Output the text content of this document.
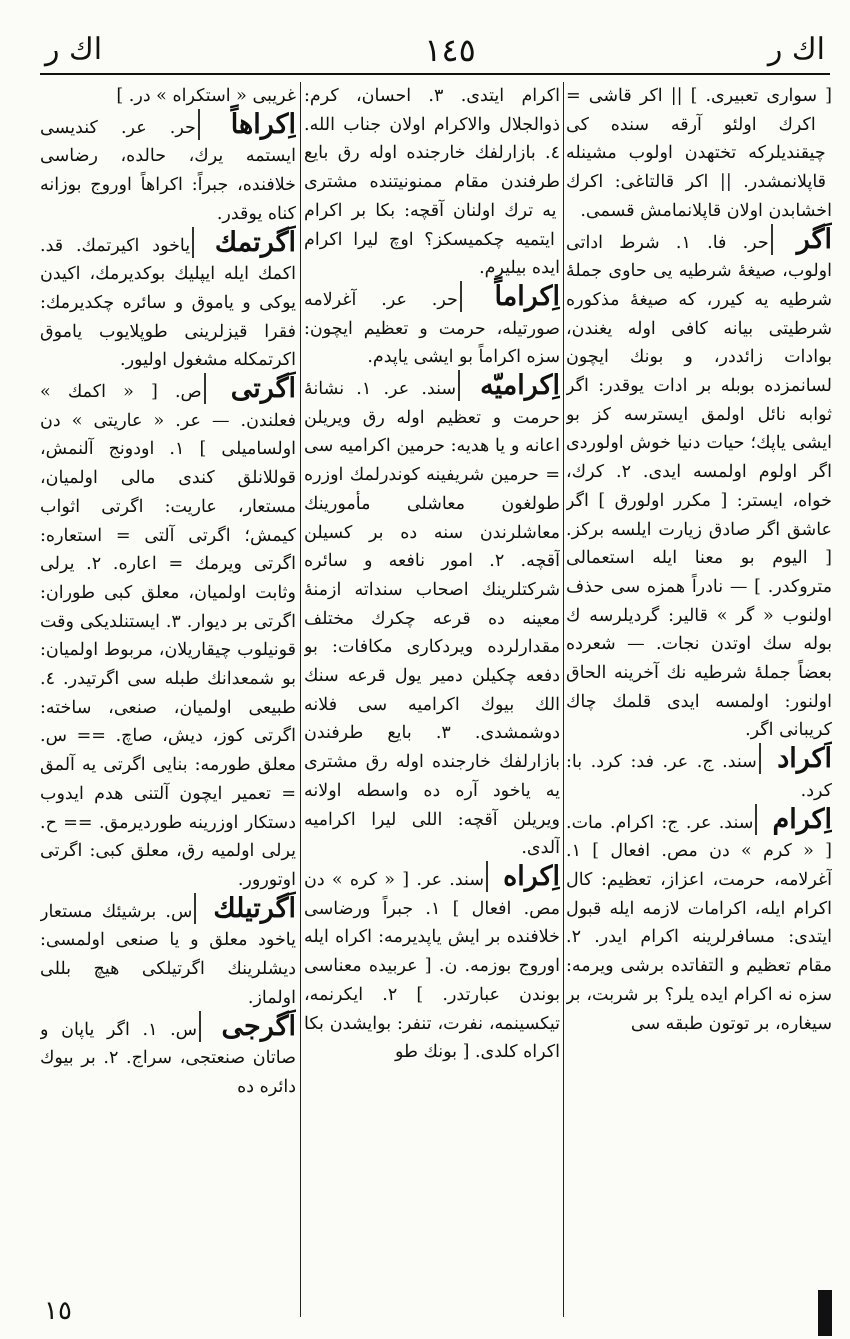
اك ر	١٤٥	اك ر
[ سواری تعبیری. ] || اکر قاشی = اکرك اولئو آرقه سنده كی چیقندیلرکه تختهدن اولوب مشینله قاپلانمشدر. || اکر قالتاغی: اکرك اخشابدن اولان قاپلانمامش قسمی.
اَگر حر. فا. ١. شرط اداتی اولوب، صیغهٔ شرطیه یی حاوی جملهٔ شرطیه یه کیرر، که صیغهٔ مذکوره شرطیتی بیانه کافی اوله یغندن، بوادات زائددر، و بونك ایچون لسانمزده بوبله بر ادات یوقدر: اگر ثوابه نائل اولمق ایسترسه کز بو ایشی یاپك؛ حیات دنیا خوش اولوردی اگر اولوم اولمسه ایدی. ٢. کرك، خواه، ایستر: [ مکرر اولورق ] اگر عاشق اگر صادق زیارت ایلسه برکز. [ الیوم بو معنا ایله استعمالی متروکدر. ] — نادراً همزه سی حذف اولنوب « گر » قالیر: گردیلرسه ك بوله سك اوتدن نجات. — شعرده بعضاً جملهٔ شرطیه نك آخرینه الحاق اولنور: اولمسه ایدی قلمك چاك کریبانی اگر.
اَکراد سند. ج. عر. فد: کرد. با: کرد.
اِکرام سند. عر. ج: اکرام. مات. [ « کرم » دن مص. افعال ] ١. آغرلامه، حرمت، اعزاز، تعظیم: کال اکرام ایله، اکرامات لازمه ایله قبول ایتدی: مسافرلرینه اکرام ایدر. ٢. مقام تعظیم و التفاتده برشی ویرمه: سزه نه اکرام ایده یلر؟ بر شربت، بر سیغاره، بر توتون طبقه سی
اکرام ایتدی. ٣. احسان، کرم: ذوالجلال والاکرام اولان جناب الله. ٤. بازارلفك خارجنده اوله رق بایع طرفندن مقام ممنونیتنده مشتری یه ترك اولنان آقچه: بکا بر اکرام ایتمیه چکمیسکز؟ اوچ لیرا اکرام ایده بیلیرم.
اِکراماً حر. عر. آغرلامه صورتیله، حرمت و تعظیم ایچون: سزه اکراماً بو ایشی یاپدم.
اِکرامیّه سند. عر. ١. نشانهٔ حرمت و تعظیم اوله رق ویریلن اعانه و یا هدیه: حرمین اکرامیه سی = حرمین شریفینه کوندرلمك اوزره طولغون معاشلی مأمورینك معاشلرندن سنه ده بر کسیلن آقچه. ٢. امور نافعه و سائره شرکتلرینك اصحاب سنداته ازمنهٔ معینه ده قرعه چکرك مختلف مقدارلرده ویردکاری مکافات: بو دفعه چکیلن دمیر یول قرعه سنك الك بیوك اکرامیه سی فلانه دوشمشدی. ٣. بایع طرفندن بازارلفك خارجنده اوله رق مشتری یه یاخود آره ده واسطه اولانه ویریلن آقچه: اللی لیرا اکرامیه آلدی.
اِکراه سند. عر. [ « کره » دن مص. افعال ] ١. جبراً ورضاسی خلافنده بر ایش یاپدیرمه: اکراه ایله اوروج بوزمه. ن. [ عربیده معناسی بوندن عبارتدر. ] ٢. ایکرنمه، تیکسینمه، نفرت، تنفر: بوایشدن بکا اکراه کلدی. [ بونك طو
غریبی « استکراه » در. ]
اِکراهاً حر. عر. کندیسی ایستمه یرك، حالده، رضاسی خلافنده، جبراً: اکراهاً اوروج بوزانه کناه یوقدر.
اَگرتمك یاخود اکیرتمك. قد. اکمك ایله ایپلیك بوکدیرمك، اکیدن یوکی و یاموق و سائره چکدیرمك: فقرا قیزلرینی طوپلایوب یاموق اکرتمکله مشغول اولیور.
اَگرتی ص. [ « اکمك » فعلندن. — عر. « عاریتی » دن اولسامیلی ] ١. اودونج آلنمش، قوللانلق کندی مالی اولمیان، مستعار، عاریت: اگرتی اثواب کیمش؛ اگرتی آلتی = استعاره: اگرتی ویرمك = اعاره. ٢. یرلی وثابت اولمیان، معلق کبی طوران: اگرتی بر دیوار. ٣. ایستنلدیکی وقت قونیلوب چیقاریلان، مربوط اولمیان: بو شمعدانك طبله سی اگرتیدر. ٤. طبیعی اولمیان، صنعی، ساخته: اگرتی کوز، دیش، صاچ. == س. معلق طورمه: بنایی اگرتی یه آلمق = تعمیر ایچون آلتنی هدم ایدوب دستکار اوزرینه طوردیرمق. == ح. یرلی اولمیه رق، معلق کبی: اگرتی اوتورور.
اَگرتیلك س. برشیئك مستعار یاخود معلق و یا صنعی اولمسی: دیشلرینك اگرتیلکی هیچ بللی اولماز.
اَگرجی س. ١. اگر یاپان و صاتان صنعتجی، سراج. ٢. بر بیوك دائره ده
١٥
